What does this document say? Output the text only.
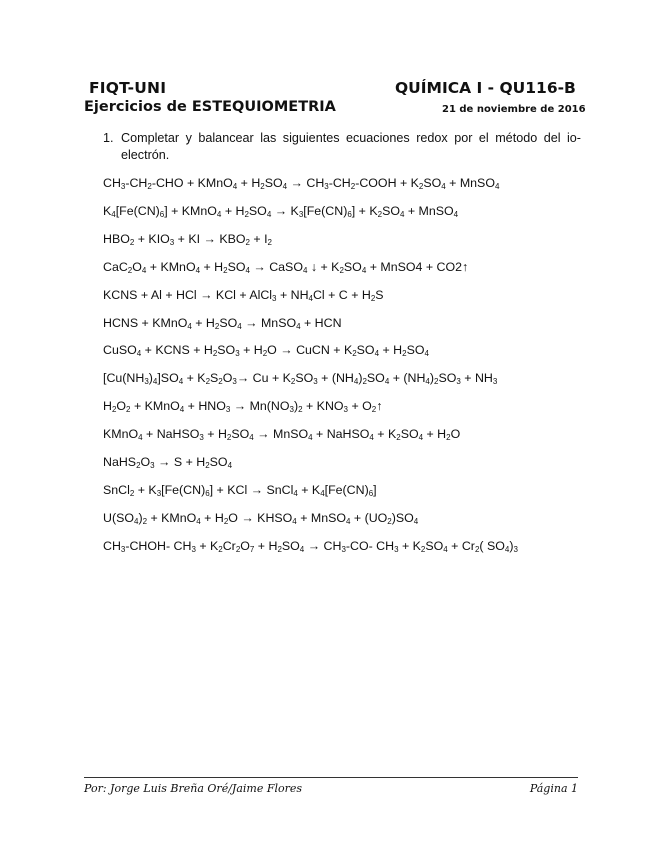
FIQT-UNI	QUÍMICA I - QU116-B
Ejercicios de ESTEQUIOMETRIA	21 de noviembre de 2016
1. Completar y balancear las siguientes ecuaciones redox por el método del io-electrón.
$CH_3-CH_2$-CHO + KMnO$_4$ + $H_2SO_4$ → $CH_3-CH_2$-COOH + $K_2SO_4$ + MnSO$_4$
$K_4[Fe(CN)_6]$ + KMnO$_4$ + $H_2SO_4 \to K_3[Fe(CN)_6] + K_2SO_4$ + MnSO$_4$
$HBO_2 + KIO_3$ + KI → $KBO_2 + I_2$
$CaC_2O_4$ + KMnO$_4$ + $H_2SO_4$ → CaSO$_4$ ↓ + $K_2SO_4$ + MnSO4 + CO2↑
KCNS + Al + HCl → KCl + AlCl$_3$ + $NH_4Cl + C + H_2S$
HCNS + KMnO$_4$ + $H_2SO_4$ → MnSO$_4$ + HCN
CuSO$_4$ + KCNS + $H_2SO_3 + H_2O$ → CuCN + $K_2SO_4 + H_2SO_4$
$[Cu(NH_3)_4]SO_4 + K_2S_2O_3\to Cu + K_2SO_3 + (NH_4)_2SO_4 + (NH_4)_2SO_3 + NH_3$
$H_2O_2$ + KMnO$_4$ + $HNO_3 \to Mn(NO_3)_2 + KNO_3$ + $O_2↑$
KMnO$_4$ + NaHSO$_3$ + $H_2SO_4$ → MnSO$_4$ + NaHSO$_4$ + $K_2SO_4 + H_2O$
$NaHS_2O_3 \to S + H_2SO_4$
SnCl$_2$ + $K_3[Fe(CN)_6]$ + KCl → SnCl$_4$ + $K_4[Fe(CN)_6]$
$U(SO_4)_2$ + KMnO$_4$ + $H_2O$ → $KHSO_4$ + MnSO$_4$ + $(UO_2)SO_4$
$CH_3-CHOH-$ $CH_3 + K_2Cr_2O_7 + H_2SO_4 \to CH_3-CO-$ $CH_3 + K_2SO_4 + Cr_2$( $SO_4)_3$
Por: Jorge Luis Breña Oré/Jaime Flores	Página 1
